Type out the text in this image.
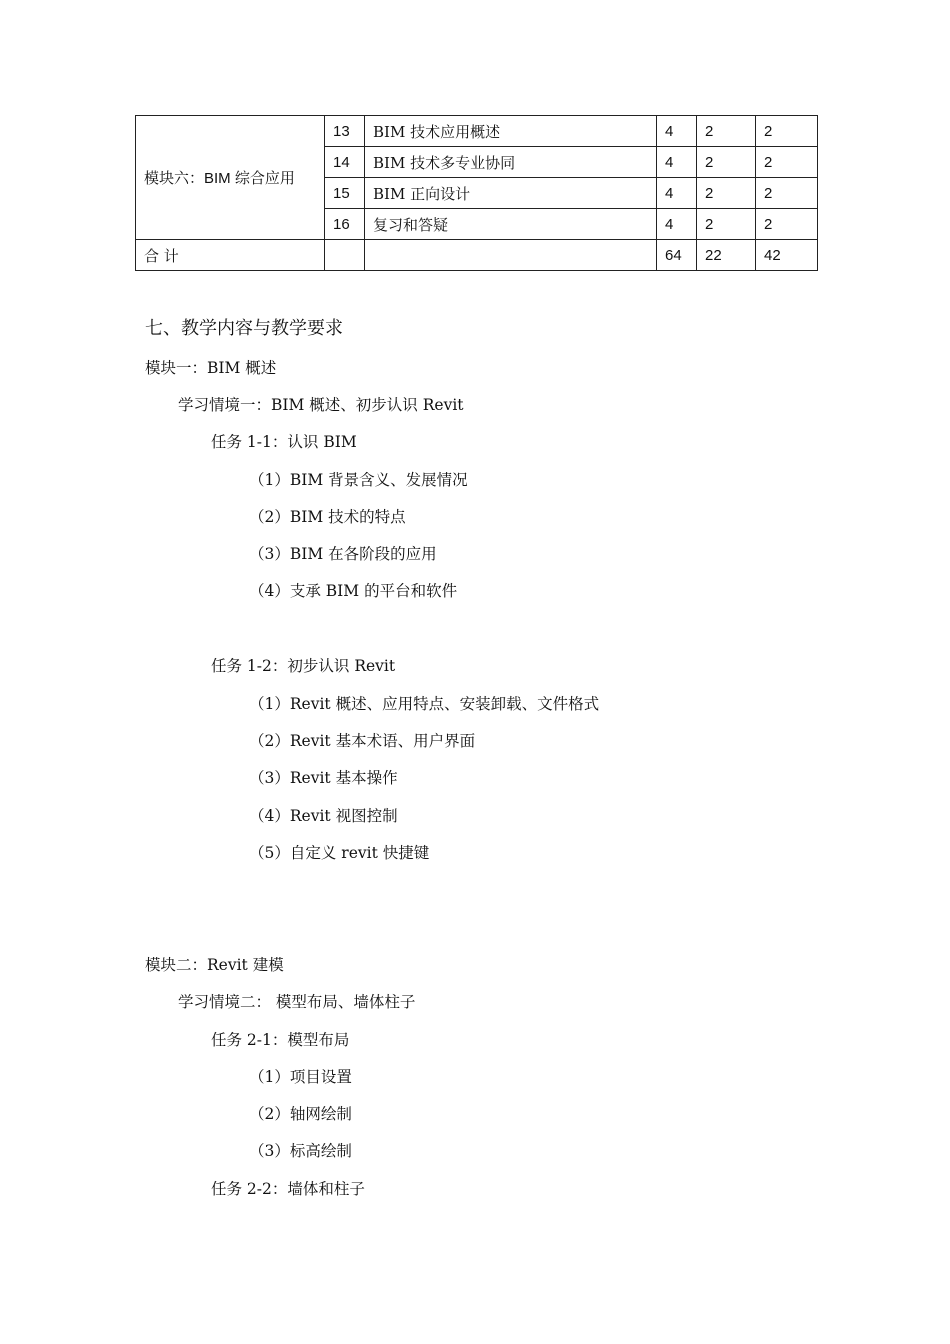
模块六：BIM 综合应用	13	BIM 技术应用概述	4	2	2
	14	BIM 技术多专业协同	4	2	2
	15	BIM 正向设计	4	2	2
	16	复习和答疑	4	2	2
合 计			64	22	42
七、教学内容与教学要求
模块一：BIM 概述
学习情境一：BIM 概述、初步认识 Revit
任务 1-1：认识 BIM
（1）BIM 背景含义、发展情况
（2）BIM 技术的特点
（3）BIM 在各阶段的应用
（4）支承 BIM 的平台和软件
任务 1-2：初步认识 Revit
（1）Revit 概述、应用特点、安装卸载、文件格式
（2）Revit 基本术语、用户界面
（3）Revit 基本操作
（4）Revit 视图控制
（5）自定义 revit 快捷键
模块二：Revit 建模
学习情境二： 模型布局、墙体柱子
任务 2-1：模型布局
（1）项目设置
（2）轴网绘制
（3）标高绘制
任务 2-2：墙体和柱子
